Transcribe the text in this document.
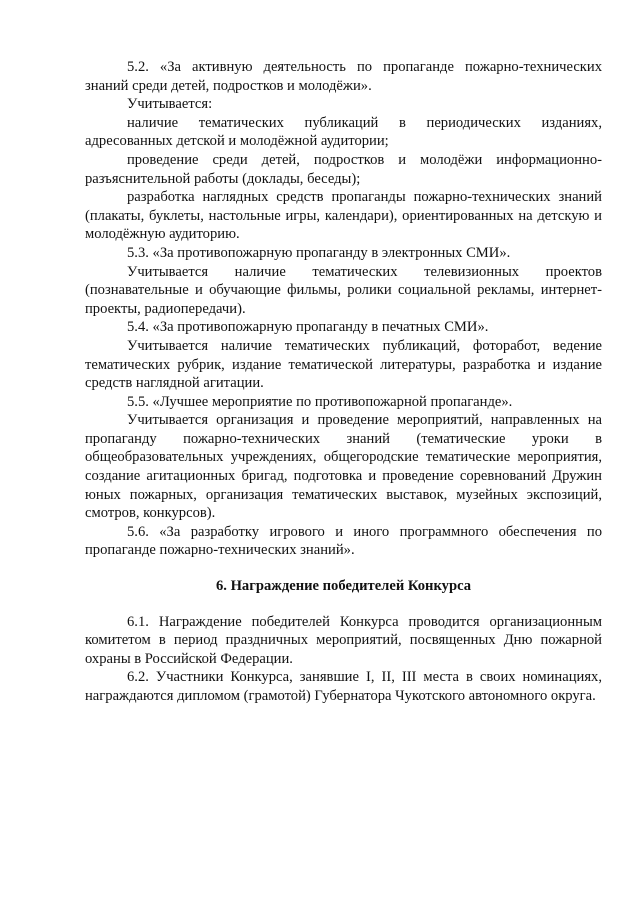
5.2. «За активную деятельность по пропаганде пожарно-технических знаний среди детей, подростков и молодёжи».

Учитывается:

наличие тематических публикаций в периодических изданиях, адресованных детской и молодёжной аудитории;

проведение среди детей, подростков и молодёжи информационно-разъяснительной работы (доклады, беседы);

разработка наглядных средств пропаганды пожарно-технических знаний (плакаты, буклеты, настольные игры, календари), ориентированных на детскую и молодёжную аудиторию.

5.3. «За противопожарную пропаганду в электронных СМИ».

Учитывается наличие тематических телевизионных проектов (познавательные и обучающие фильмы, ролики социальной рекламы, интернет-проекты, радиопередачи).

5.4. «За противопожарную пропаганду в печатных СМИ».

Учитывается наличие тематических публикаций, фоторабот, ведение тематических рубрик, издание тематической литературы, разработка и издание средств наглядной агитации.

5.5. «Лучшее мероприятие по противопожарной пропаганде».

Учитывается организация и проведение мероприятий, направленных на пропаганду пожарно-технических знаний (тематические уроки в общеобразовательных учреждениях, общегородские тематические мероприятия, создание агитационных бригад, подготовка и проведение соревнований Дружин юных пожарных, организация тематических выставок, музейных экспозиций, смотров, конкурсов).

5.6. «За разработку игрового и иного программного обеспечения по пропаганде пожарно-технических знаний».

6. Награждение победителей Конкурса

6.1. Награждение победителей Конкурса проводится организационным комитетом в период праздничных мероприятий, посвященных Дню пожарной охраны в Российской Федерации.

6.2. Участники Конкурса, занявшие I, II, III места в своих номинациях, награждаются дипломом (грамотой) Губернатора Чукотского автономного округа.
